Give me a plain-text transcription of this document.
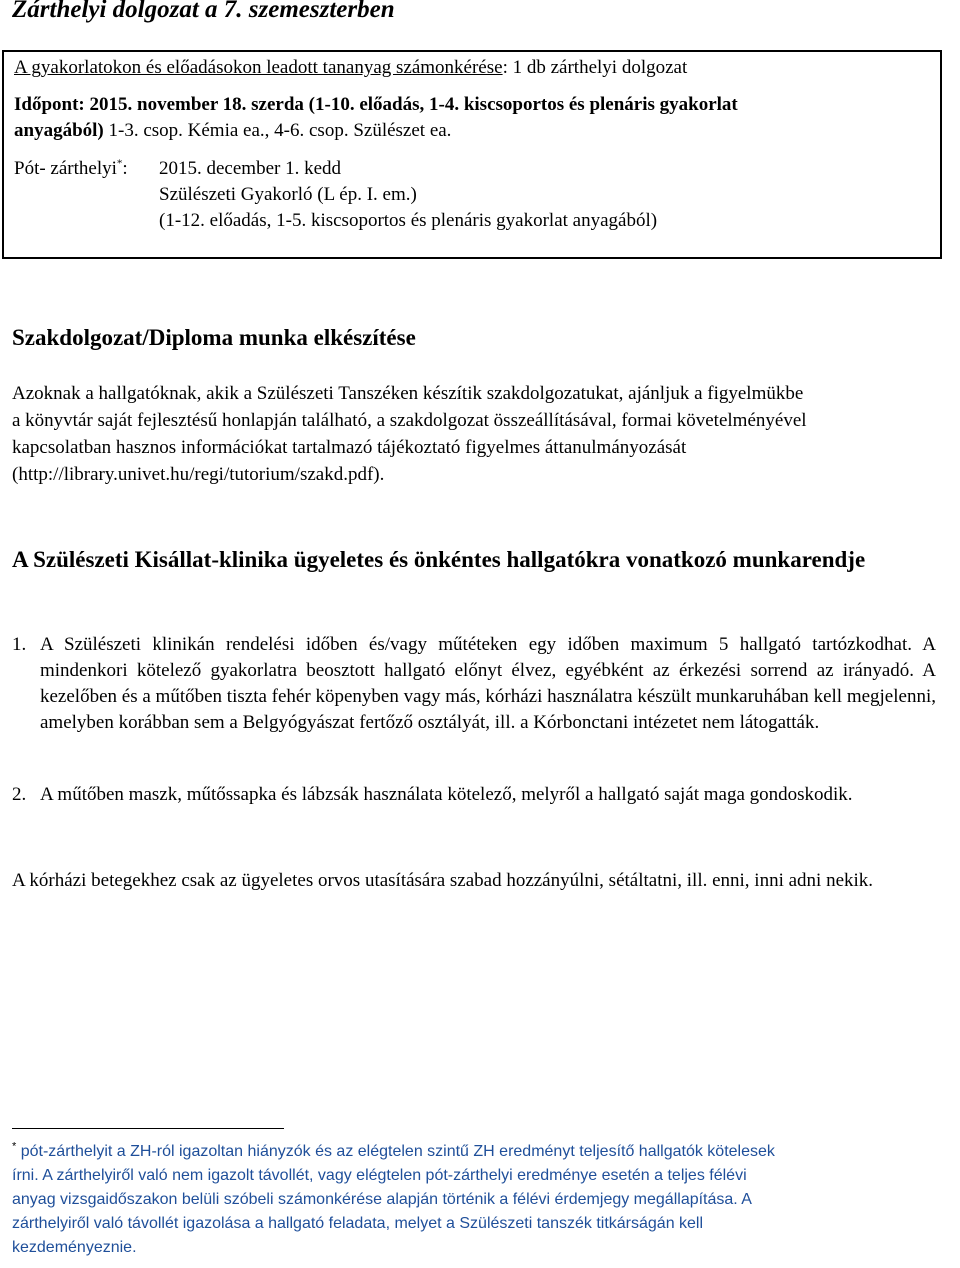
Zárthelyi dolgozat a 7. szemeszterben
A gyakorlatokon és előadásokon leadott tananyag számonkérése: 1 db zárthelyi dolgozat
Időpont: 2015. november 18. szerda (1-10. előadás, 1-4. kiscsoportos és plenáris gyakorlat
anyagából) 1-3. csop. Kémia ea., 4-6. csop. Szülészet ea.
Pót- zárthelyi*: 2015. december 1. kedd
Szülészeti Gyakorló (L ép. I. em.)
(1-12. előadás, 1-5. kiscsoportos és plenáris gyakorlat anyagából)
Szakdolgozat/Diploma munka elkészítése
Azoknak a hallgatóknak, akik a Szülészeti Tanszéken készítik szakdolgozatukat, ajánljuk a figyelmükbe
a könyvtár saját fejlesztésű honlapján található, a szakdolgozat összeállításával, formai követelményével
kapcsolatban hasznos információkat tartalmazó tájékoztató figyelmes áttanulmányozását
(http://library.univet.hu/regi/tutorium/szakd.pdf).
A Szülészeti Kisállat-klinika ügyeletes és önkéntes hallgatókra vonatkozó munkarendje
1. A Szülészeti klinikán rendelési időben és/vagy műtéteken egy időben maximum 5 hallgató tartózkodhat. A mindenkori kötelező gyakorlatra beosztott hallgató előnyt élvez, egyébként az érkezési sorrend az irányadó. A kezelőben és a műtőben tiszta fehér köpenyben vagy más, kórházi használatra készült munkaruhában kell megjelenni, amelyben korábban sem a Belgyógyászat fertőző osztályát, ill. a Kórbonctani intézetet nem látogatták.
2. A műtőben maszk, műtőssapka és lábzsák használata kötelező, melyről a hallgató saját maga gondoskodik.
A kórházi betegekhez csak az ügyeletes orvos utasítására szabad hozzányúlni, sétáltatni, ill. enni, inni adni nekik.
* pót-zárthelyit a ZH-ról igazoltan hiányzók és az elégtelen szintű ZH eredményt teljesítő hallgatók kötelesek
írni. A zárthelyiről való nem igazolt távollét, vagy elégtelen pót-zárthelyi eredménye esetén a teljes félévi
anyag vizsgaidőszakon belüli szóbeli számonkérése alapján történik a félévi érdemjegy megállapítása. A
zárthelyiről való távollét igazolása a hallgató feladata, melyet a Szülészeti tanszék titkárságán kell
kezdeményeznie.
